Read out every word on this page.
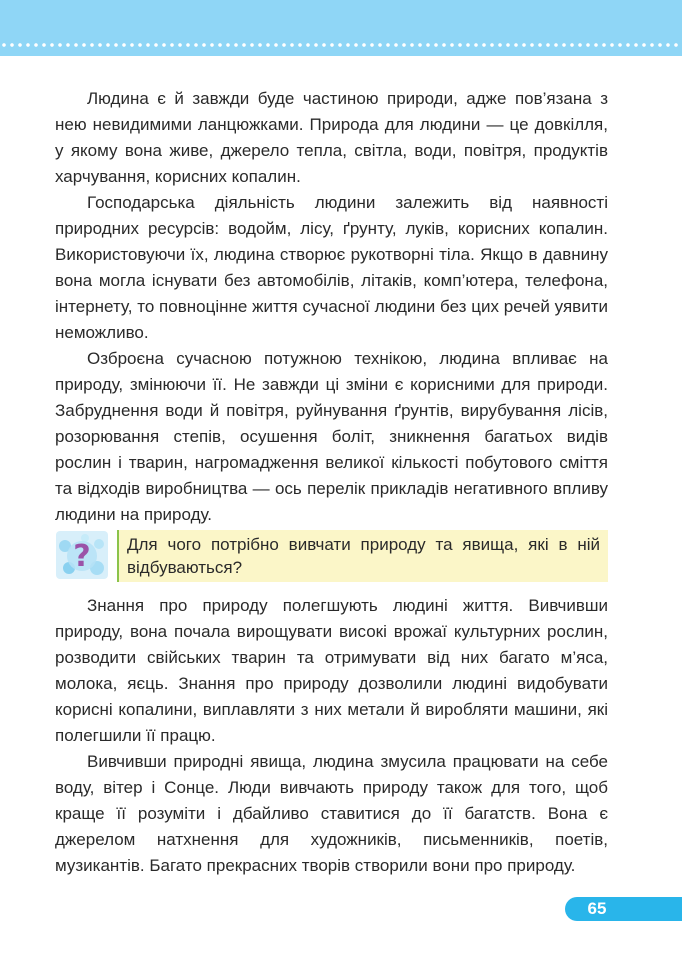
Людина є й завжди буде частиною природи, адже пов’язана з нею невидимими ланцюжками. Природа для людини — це довкілля, у якому вона живе, джерело тепла, світла, води, повітря, продуктів харчування, корисних копалин.

Господарська діяльність людини залежить від наявності природних ресурсів: водойм, лісу, ґрунту, луків, корисних копалин. Використовуючи їх, людина створює рукотворні тіла. Якщо в давнину вона могла існувати без автомобілів, літаків, комп’ютера, телефона, інтернету, то повноцінне життя сучасної людини без цих речей уявити неможливо.

Озброєна сучасною потужною технікою, людина впливає на природу, змінюючи її. Не завжди ці зміни є корисними для природи. Забруднення води й повітря, руйнування ґрунтів, вирубування лісів, розорювання степів, осушення боліт, зникнення багатьох видів рослин і тварин, нагромадження великої кількості побутового сміття та відходів виробництва — ось перелік прикладів негативного впливу людини на природу.

? Для чого потрібно вивчати природу та явища, які в ній відбуваються?

Знання про природу полегшують людині життя. Вивчивши природу, вона почала вирощувати високі врожаї культурних рослин, розводити свійських тварин та отримувати від них багато м’яса, молока, яєць. Знання про природу дозволили людині видобувати корисні копалини, виплавляти з них метали й виробляти машини, які полегшили її працю.

Вивчивши природні явища, людина змусила працювати на себе воду, вітер і Сонце. Люди вивчають природу також для того, щоб краще її розуміти і дбайливо ставитися до її багатств. Вона є джерелом натхнення для художників, письменників, поетів, музикантів. Багато прекрасних творів створили вони про природу.

65
